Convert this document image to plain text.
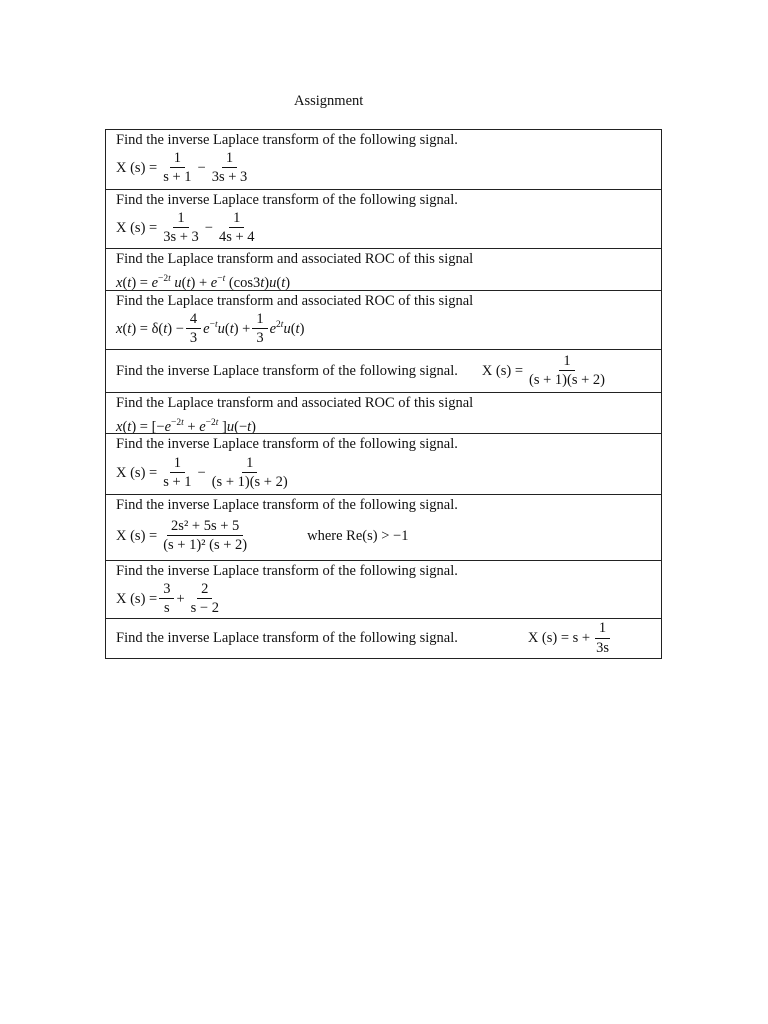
Assignment
Find the inverse Laplace transform of the following signal.
X $(s) = \frac{1}{s + 1} - \frac{1}{3s + 3}$
Find the inverse Laplace transform of the following signal.
X $(s) = \frac{1}{3s + 3} - \frac{1}{4s + 4}$
Find the Laplace transform and associated ROC of this signal
$x(t) = e^{-2t}$ $u(t) + e^{-t}$ (cos3t)u(t)
Find the Laplace transform and associated ROC of this signal
$x(t) = \delta(t) - \frac{4}{3} e^{-t}u(t) + \frac{1}{3} e^{2t}u(t)$
Find the inverse Laplace transform of the following signal. X $(s) = \frac{1}{(s + 1)(s + 2)}$
Find the Laplace transform and associated ROC of this signal
$x(t) = [-e^{-2t} + e^{-2t}$ ]u(−t)
Find the inverse Laplace transform of the following signal.
X $(s) = \frac{1}{s + 1} - \frac{1}{(s + 1)(s + 2)}$
Find the inverse Laplace transform of the following signal.
X $(s) = \frac{\text{2s² + 5s + 5}}{\text{(s + 1)² (s + 2)}}$	where Re(s) > −1
Find the inverse Laplace transform of the following signal.
X $(s) = \frac{3}{s} + \frac{2}{s - 2}$
Find the inverse Laplace transform of the following signal.	X $(s) = s + \frac{1}{3s}$
